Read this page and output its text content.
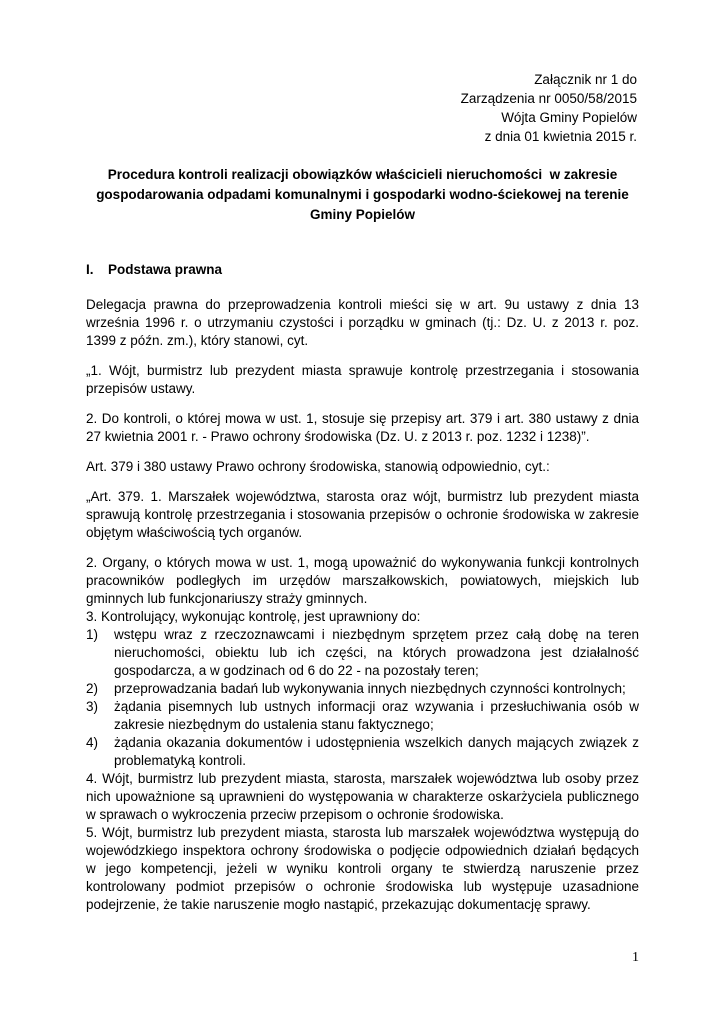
Załącznik nr 1 do
Zarządzenia nr 0050/58/2015
Wójta Gminy Popielów
z dnia 01 kwietnia 2015 r.
Procedura kontroli realizacji obowiązków właścicieli nieruchomości  w zakresie
gospodarowania odpadami komunalnymi i gospodarki wodno-ściekowej na terenie
Gminy Popielów
I. Podstawa prawna

Delegacja prawna do przeprowadzenia kontroli mieści się w art. 9u ustawy z dnia 13 września 1996 r. o utrzymaniu czystości i porządku w gminach (tj.: Dz. U. z 2013 r. poz. 1399 z późn. zm.), który stanowi, cyt.

„1. Wójt, burmistrz lub prezydent miasta sprawuje kontrolę przestrzegania i stosowania przepisów ustawy.

2. Do kontroli, o której mowa w ust. 1, stosuje się przepisy art. 379 i art. 380 ustawy z dnia 27 kwietnia 2001 r. - Prawo ochrony środowiska (Dz. U. z 2013 r. poz. 1232 i 1238)”.

Art. 379 i 380 ustawy Prawo ochrony środowiska, stanowią odpowiednio, cyt.:

„Art. 379. 1. Marszałek województwa, starosta oraz wójt, burmistrz lub prezydent miasta sprawują kontrolę przestrzegania i stosowania przepisów o ochronie środowiska w zakresie objętym właściwością tych organów.

2. Organy, o których mowa w ust. 1, mogą upoważnić do wykonywania funkcji kontrolnych pracowników podległych im urzędów marszałkowskich, powiatowych, miejskich lub gminnych lub funkcjonariuszy straży gminnych.

3. Kontrolujący, wykonując kontrolę, jest uprawniony do:

1) wstępu wraz z rzeczoznawcami i niezbędnym sprzętem przez całą dobę na teren nieruchomości, obiektu lub ich części, na których prowadzona jest działalność gospodarcza, a w godzinach od 6 do 22 - na pozostały teren;
2) przeprowadzania badań lub wykonywania innych niezbędnych czynności kontrolnych;
3) żądania pisemnych lub ustnych informacji oraz wzywania i przesłuchiwania osób w zakresie niezbędnym do ustalenia stanu faktycznego;
4) żądania okazania dokumentów i udostępnienia wszelkich danych mających związek z problematyką kontroli.

4. Wójt, burmistrz lub prezydent miasta, starosta, marszałek województwa lub osoby przez nich upoważnione są uprawnieni do występowania w charakterze oskarżyciela publicznego w sprawach o wykroczenia przeciw przepisom o ochronie środowiska.

5. Wójt, burmistrz lub prezydent miasta, starosta lub marszałek województwa występują do wojewódzkiego inspektora ochrony środowiska o podjęcie odpowiednich działań będących w jego kompetencji, jeżeli w wyniku kontroli organy te stwierdzą naruszenie przez kontrolowany podmiot przepisów o ochronie środowiska lub występuje uzasadnione podejrzenie, że takie naruszenie mogło nastąpić, przekazując dokumentację sprawy.

1
